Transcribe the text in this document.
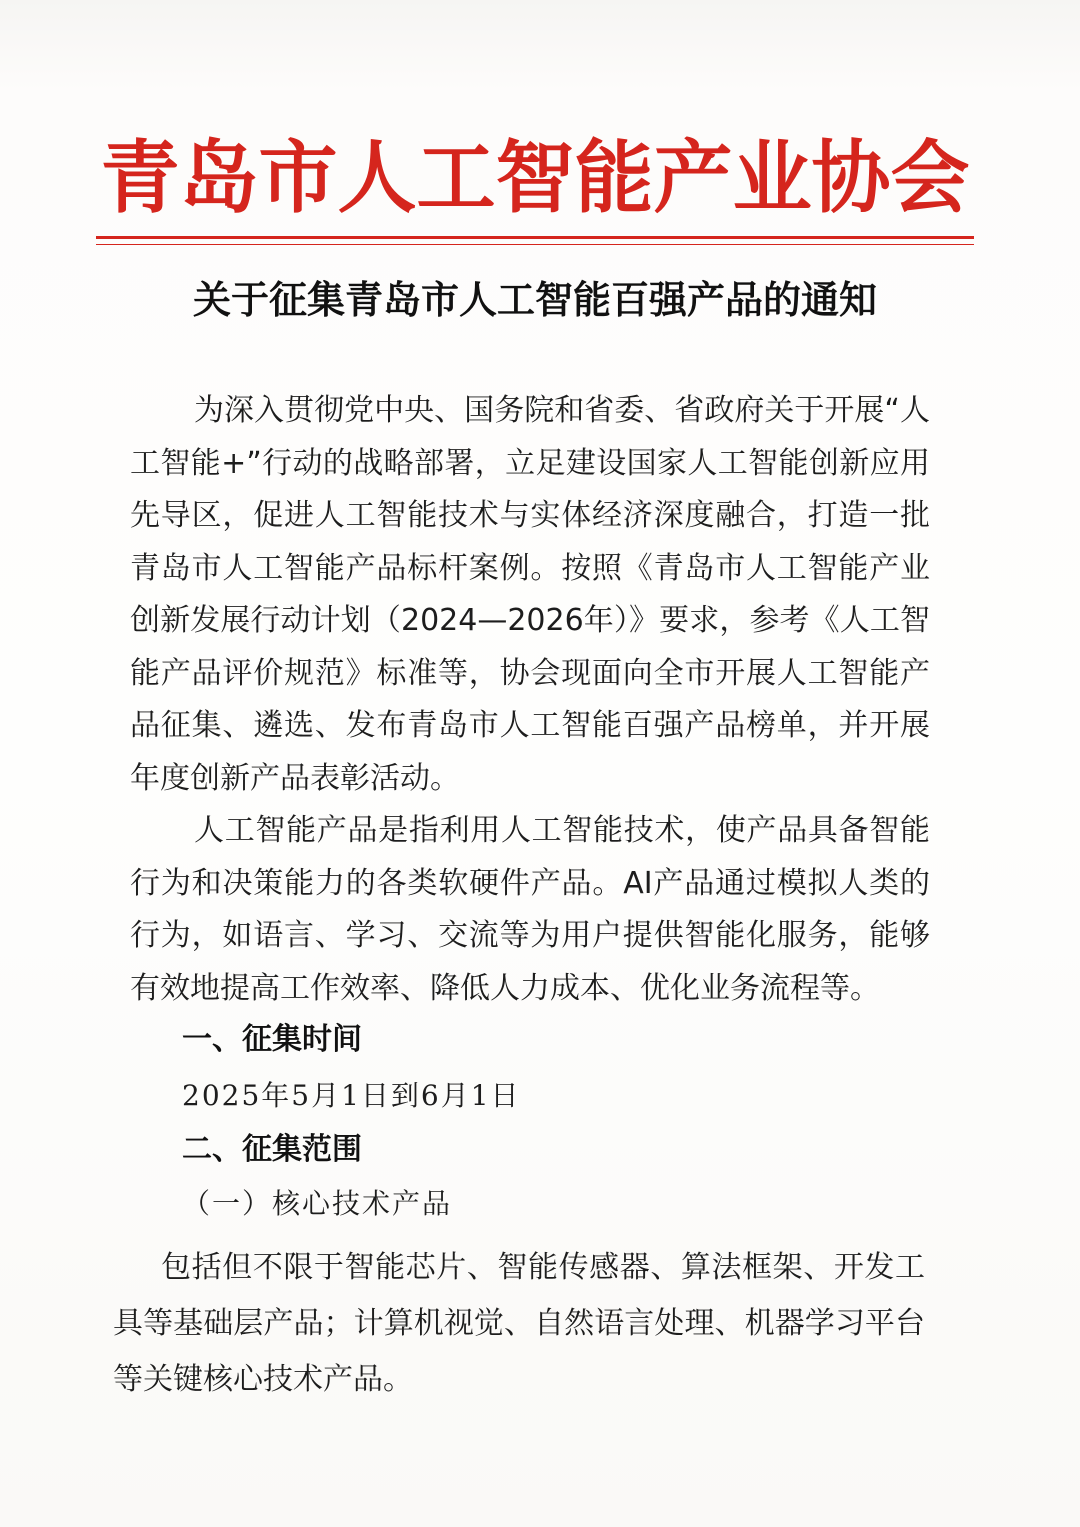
青岛市人工智能产业协会
关于征集青岛市人工智能百强产品的通知
为深入贯彻党中央、国务院和省委、省政府关于开展“人工智能+”行动的战略部署，立足建设国家人工智能创新应用先导区，促进人工智能技术与实体经济深度融合，打造一批青岛市人工智能产品标杆案例。按照《青岛市人工智能产业创新发展行动计划（2024—2026年）》要求，参考《人工智能产品评价规范》标准等，协会现面向全市开展人工智能产品征集、遴选、发布青岛市人工智能百强产品榜单，并开展年度创新产品表彰活动。
人工智能产品是指利用人工智能技术，使产品具备智能行为和决策能力的各类软硬件产品。AI产品通过模拟人类的行为，如语言、学习、交流等为用户提供智能化服务，能够有效地提高工作效率、降低人力成本、优化业务流程等。
一、征集时间
2025年5月1日到6月1日
二、征集范围
（一）核心技术产品
包括但不限于智能芯片、智能传感器、算法框架、开发工具等基础层产品；计算机视觉、自然语言处理、机器学习平台等关键核心技术产品。
